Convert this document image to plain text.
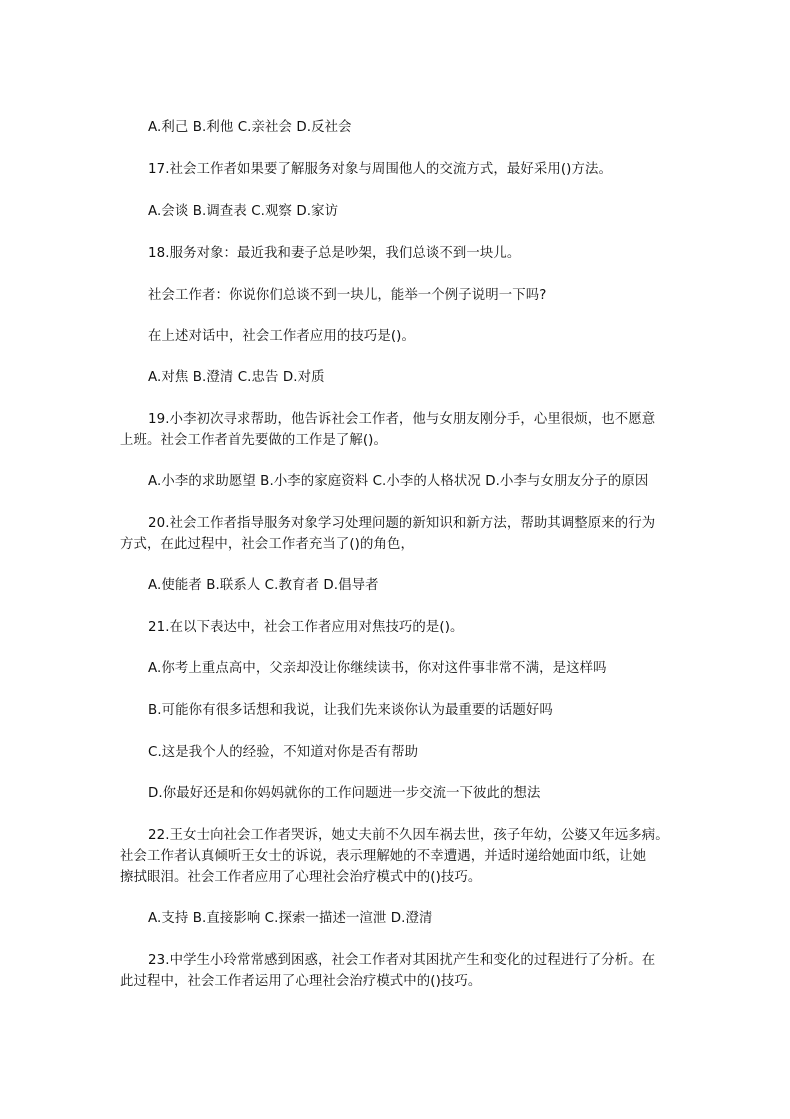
A.利己 B.利他 C.亲社会 D.反社会
17.社会工作者如果要了解服务对象与周围他人的交流方式，最好采用()方法。
A.会谈 B.调查表 C.观察 D.家访
18.服务对象：最近我和妻子总是吵架，我们总谈不到一块儿。
社会工作者：你说你们总谈不到一块儿，能举一个例子说明一下吗?
在上述对话中，社会工作者应用的技巧是()。
A.对焦 B.澄清 C.忠告 D.对质
19.小李初次寻求帮助，他告诉社会工作者，他与女朋友刚分手，心里很烦，也不愿意
上班。社会工作者首先要做的工作是了解()。
A.小李的求助愿望 B.小李的家庭资料 C.小李的人格状况 D.小李与女朋友分子的原因
20.社会工作者指导服务对象学习处理问题的新知识和新方法，帮助其调整原来的行为
方式，在此过程中，社会工作者充当了()的角色，
A.使能者 B.联系人 C.教育者 D.倡导者
21.在以下表达中，社会工作者应用对焦技巧的是()。
A.你考上重点高中，父亲却没让你继续读书，你对这件事非常不满，是这样吗
B.可能你有很多话想和我说，让我们先来谈你认为最重要的话题好吗
C.这是我个人的经验，不知道对你是否有帮助
D.你最好还是和你妈妈就你的工作问题进一步交流一下彼此的想法
22.王女士向社会工作者哭诉，她丈夫前不久因车祸去世，孩子年幼，公婆又年远多病。
社会工作者认真倾听王女士的诉说，表示理解她的不幸遭遇，并适时递给她面巾纸，让她
擦拭眼泪。社会工作者应用了心理社会治疗模式中的()技巧。
A.支持 B.直接影响 C.探索一描述一渲泄 D.澄清
23.中学生小玲常常感到困惑，社会工作者对其困扰产生和变化的过程进行了分析。在
此过程中，社会工作者运用了心理社会治疗模式中的()技巧。
